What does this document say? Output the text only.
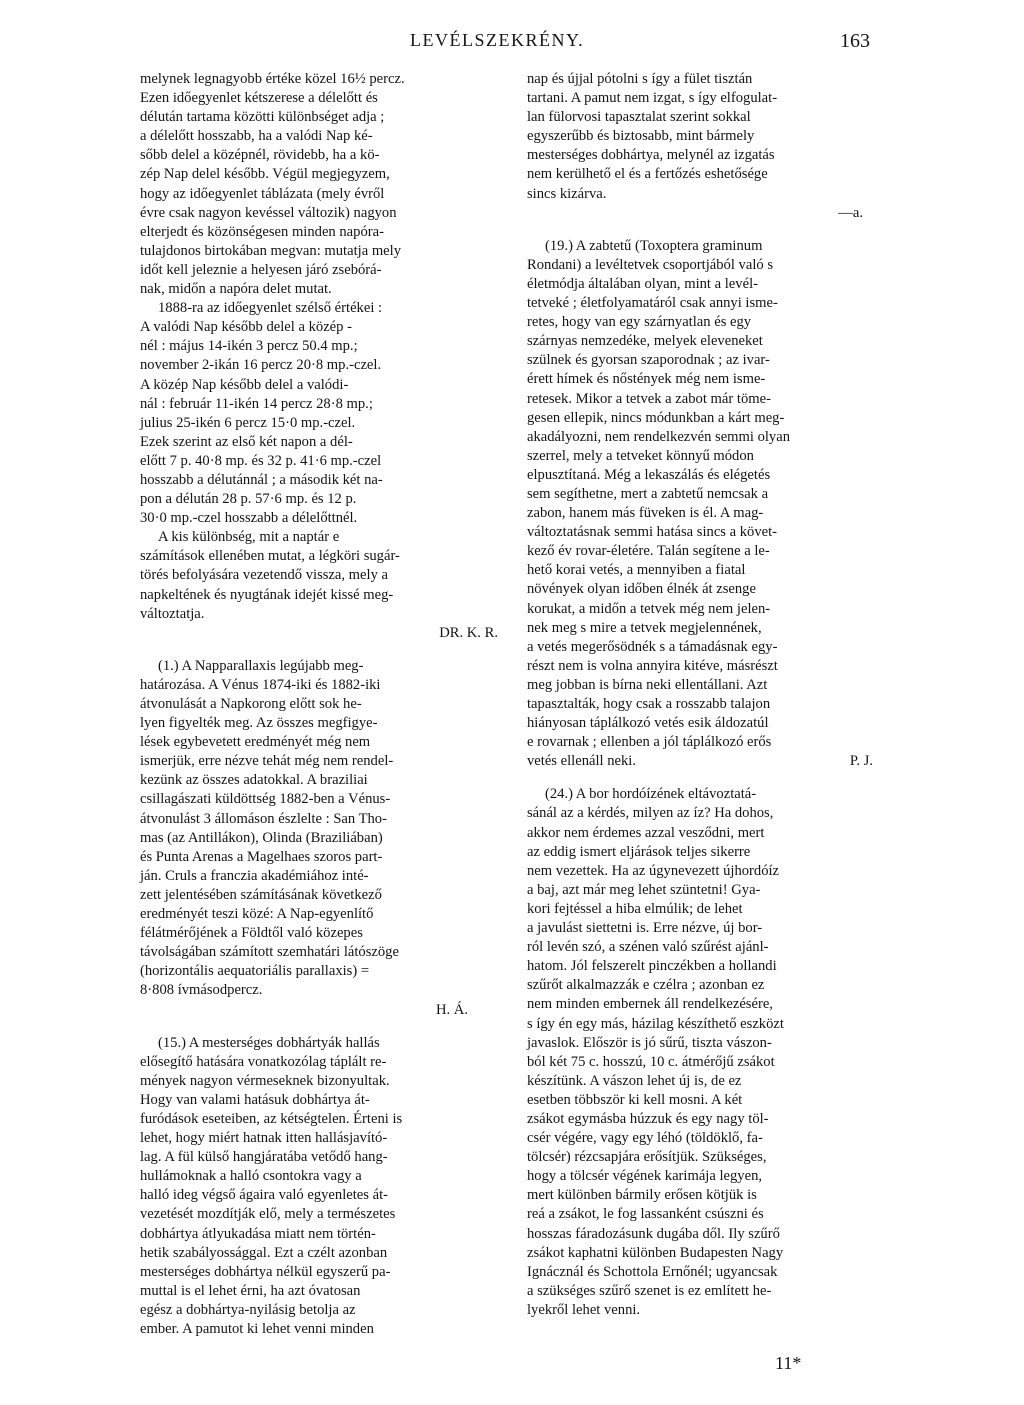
LEVÉLSZEKRÉNY.	163
melynek legnagyobb értéke közel 16½ percz.
Ezen időegyenlet kétszerese a délelőtt és
délután tartama közötti különbséget adja ;
a délelőtt hosszabb, ha a valódi Nap ké-
sőbb delel a középnél, rövidebb, ha a kö-
zép Nap delel később. Végül megjegyzem,
hogy az időegyenlet táblázata (mely évről
évre csak nagyon kevéssel változik) nagyon
elterjedt és közönségesen minden napóra-
tulajdonos birtokában megvan: mutatja mely
időt kell jeleznie a helyesen járó zsebórá-
nak, midőn a napóra delet mutat.
1888-ra az időegyenlet szélső értékei :
A valódi Nap később delel a közép -
nél : május 14-ikén 3 percz 50.4 mp.;
november 2-ikán 16 percz 20·8 mp.-czel.
A közép Nap később delel a valódi-
nál : február 11-ikén 14 percz 28·8 mp.;
julius 25-ikén 6 percz 15·0 mp.-czel.
Ezek szerint az első két napon a dél-
előtt 7 p. 40·8 mp. és 32 p. 41·6 mp.-czel
hosszabb a délutánnál ; a második két na-
pon a délután 28 p. 57·6 mp. és 12 p.
30·0 mp.-czel hosszabb a délelőttnél.
A kis különbség, mit a naptár e
számítások ellenében mutat, a légköri sugár-
törés befolyására vezetendő vissza, mely a
napkeltének és nyugtának idejét kissé meg-
változtatja.
DR. K. R.
(1.) A Napparallaxis legújabb meg-
határozása. A Vénus 1874-iki és 1882-iki
átvonulását a Napkorong előtt sok he-
lyen figyelték meg. Az összes megfigye-
lések egybevetett eredményét még nem
ismerjük, erre nézve tehát még nem rendel-
kezünk az összes adatokkal. A braziliai
csillagászati küldöttség 1882-ben a Vénus-
átvonulást 3 állomáson észlelte : San Tho-
mas (az Antillákon), Olinda (Braziliában)
és Punta Arenas a Magelhaes szoros part-
ján. Cruls a franczia akadémiához inté-
zett jelentésében számításának következő
eredményét teszi közé: A Nap-egyenlítő
félátmérőjének a Földtől való közepes
távolságában számított szemhatári látószöge
(horizontális aequatoriális parallaxis) =
8·808 ívmásodpercz.
H. Á.
(15.) A mesterséges dobhártyák hallás
elősegítő hatására vonatkozólag táplált re-
mények nagyon vérmeseknek bizonyultak.
Hogy van valami hatásuk dobhártya át-
furódások eseteiben, az kétségtelen. Érteni is
lehet, hogy miért hatnak itten hallásjavító-
lag. A fül külső hangjáratába vetődő hang-
hullámoknak a halló csontokra vagy a
halló ideg végső ágaira való egyenletes át-
vezetését mozdítják elő, mely a természetes
dobhártya átlyukadása miatt nem történ-
hetik szabályossággal. Ezt a czélt azonban
mesterséges dobhártya nélkül egyszerű pa-
muttal is el lehet érni, ha azt óvatosan
egész a dobhártya-nyilásig betolja az
ember. A pamutot ki lehet venni minden
nap és újjal pótolni s így a fület tisztán
tartani. A pamut nem izgat, s így elfogulat-
lan fülorvosi tapasztalat szerint sokkal
egyszerűbb és biztosabb, mint bármely
mesterséges dobhártya, melynél az izgatás
nem kerülhető el és a fertőzés eshetősége
sincs kizárva.
—a.
(19.) A zabtetű (Toxoptera graminum
Rondani) a levéltetvek csoportjából való s
életmódja általában olyan, mint a levél-
tetveké ; életfolyamatáról csak annyi isme-
retes, hogy van egy szárnyatlan és egy
szárnyas nemzedéke, melyek eleveneket
szülnek és gyorsan szaporodnak ; az ivar-
érett hímek és nőstények még nem isme-
retesek. Mikor a tetvek a zabot már töme-
gesen ellepik, nincs módunkban a kárt meg-
akadályozni, nem rendelkezvén semmi olyan
szerrel, mely a tetveket könnyű módon
elpusztítaná. Még a lekaszálás és elégetés
sem segíthetne, mert a zabtetű nemcsak a
zabon, hanem más füveken is él. A mag-
változtatásnak semmi hatása sincs a követ-
kező év rovar-életére. Talán segítene a le-
hető korai vetés, a mennyiben a fiatal
növények olyan időben élnék át zsenge
korukat, a midőn a tetvek még nem jelen-
nek meg s mire a tetvek megjelennének,
a vetés megerősödnék s a támadásnak egy-
részt nem is volna annyira kitéve, másrészt
meg jobban is bírna neki ellentállani. Azt
tapasztalták, hogy csak a rosszabb talajon
hiányosan táplálkozó vetés esik áldozatúl
e rovarnak ; ellenben a jól táplálkozó erős
vetés ellenáll neki.	P. J.
(24.) A bor hordóízének eltávoztatá-
sánál az a kérdés, milyen az íz? Ha dohos,
akkor nem érdemes azzal vesződni, mert
az eddig ismert eljárások teljes sikerre
nem vezettek. Ha az úgynevezett újhordóíz
a baj, azt már meg lehet szüntetni! Gya-
kori fejtéssel a hiba elmúlik; de lehet
a javulást siettetni is. Erre nézve, új bor-
ról levén szó, a szénen való szűrést ajánl-
hatom. Jól felszerelt pinczékben a hollandi
szűrőt alkalmazzák e czélra ; azonban ez
nem minden embernek áll rendelkezésére,
s így én egy más, házilag készíthető eszközt
javaslok. Először is jó sűrű, tiszta vászon-
ból két 75 c. hosszú, 10 c. átmérőjű zsákot
készítünk. A vászon lehet új is, de ez
esetben többször ki kell mosni. A két
zsákot egymásba húzzuk és egy nagy töl-
csér végére, vagy egy léhó (töldöklő, fa-
tölcsér) rézcsapjára erősítjük. Szükséges,
hogy a tölcsér végének karimája legyen,
mert különben bármily erősen kötjük is
reá a zsákot, le fog lassanként csúszni és
hosszas fáradozásunk dugába dől. Ily szűrő
zsákot kaphatni különben Budapesten Nagy
Ignácznál és Schottola Ernőnél; ugyancsak
a szükséges szűrő szenet is ez említett he-
lyekről lehet venni.
11*
